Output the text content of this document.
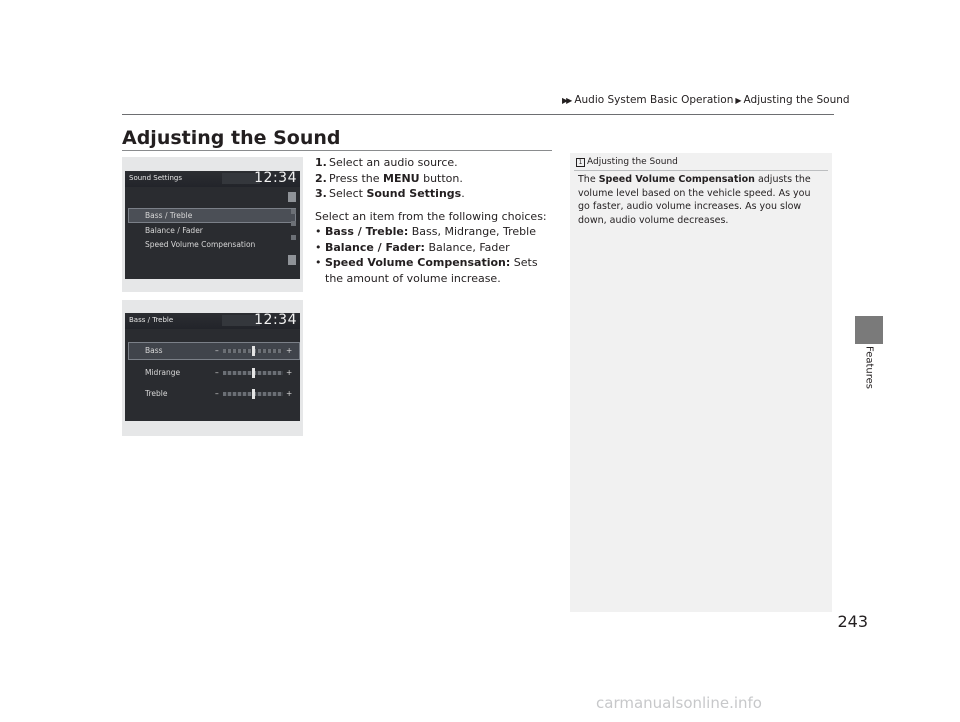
▶▶ Audio System Basic Operation ▶ Adjusting the Sound
Adjusting the Sound
Sound Settings	12:34
Bass / Treble
Balance / Fader
Speed Volume Compensation
Bass / Treble	12:34
Bass	–	+
Midrange	–	+
Treble	–	+
1. Select an audio source.
2. Press the MENU button.
3. Select Sound Settings.
Select an item from the following choices:
• Bass / Treble: Bass, Midrange, Treble
• Balance / Fader: Balance, Fader
• Speed Volume Compensation: Sets the amount of volume increase.
1 Adjusting the Sound
The Speed Volume Compensation adjusts the volume level based on the vehicle speed. As you go faster, audio volume increases. As you slow down, audio volume decreases.
Features
243
carmanualsonline.info
